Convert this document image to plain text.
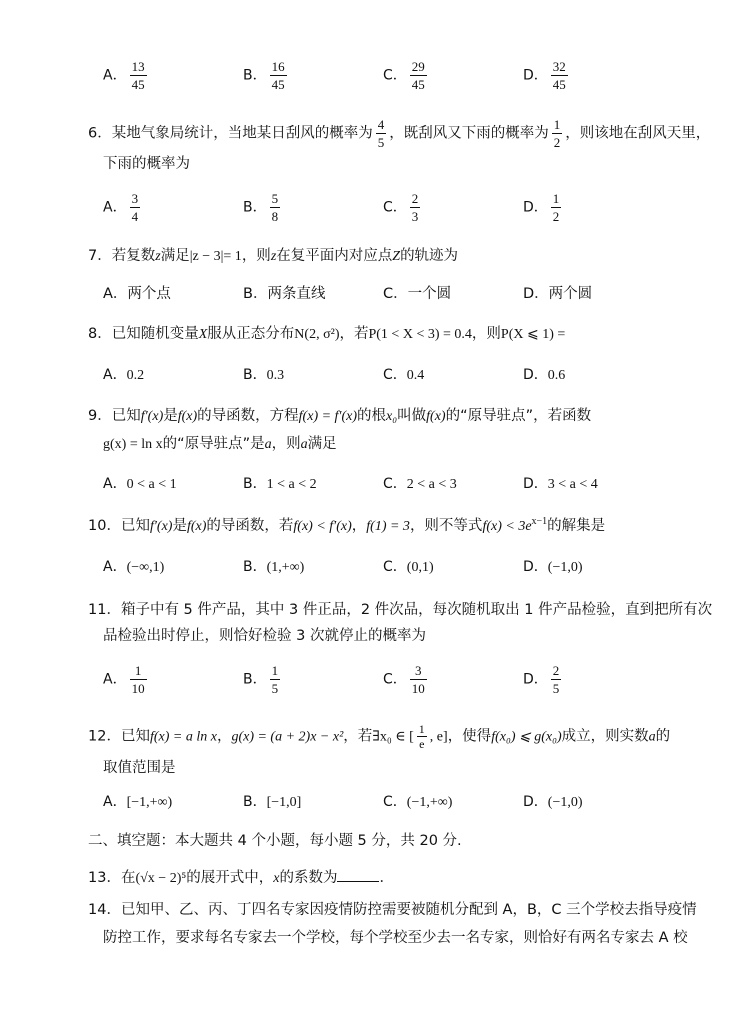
A． $\frac{13}{45}$	B． $\frac{16}{45}$	C． $\frac{29}{45}$	D． $\frac{32}{45}$
6．某地气象局统计，当地某日刮风的概率为 $\frac{4}{5}$ ，既刮风又下雨的概率为 $\frac{1}{2}$ ，则该地在刮风天里，
下雨的概率为
A． $\frac{3}{4}$	B． $\frac{5}{8}$	C． $\frac{2}{3}$	D． $\frac{1}{2}$
7．若复数z满足|z − 3|= 1，则z在复平面内对应点Z的轨迹为
A．两个点	B．两条直线	C．一个圆	D．两个圆
8．已知随机变量X服从正态分布N(2, σ²)，若P(1 < X < 3) = 0.4，则P(X ⩽ 1) =
A．0.2	B．0.3	C．0.4	D．0.6
9．已知f′(x)是f(x)的导函数，方程f(x) = f′(x)的根x₀叫做f(x)的“原导驻点”，若函数
g(x) = ln x的“原导驻点”是a，则a满足
A．0 < a < 1	B．1 < a < 2	C．2 < a < 3	D．3 < a < 4
10．已知f′(x)是f(x)的导函数，若f(x) < f′(x)，f(1) = 3，则不等式$f(x) < 3e^{x-1}$的解集是
A．(−∞,1)	B．(1,+∞)	C．(0,1)	D．(−1,0)
11．箱子中有 5 件产品，其中 3 件正品，2 件次品，每次随机取出 1 件产品检验，直到把所有次
品检验出时停止，则恰好检验 3 次就停止的概率为
A． $\frac{1}{10}$	B． $\frac{1}{5}$	C． $\frac{3}{10}$	D． $\frac{2}{5}$
12．已知f(x) = a ln x，g(x) = (a + 2)x − x²，若∃x₀ ∈ [ $\frac{1}{e}$ , e]，使得f(x₀) ⩽ g(x₀)成立，则实数a的
取值范围是
A．[−1,+∞)	B．[−1,0]	C．(−1,+∞)	D．(−1,0)
二、填空题：本大题共 4 个小题，每小题 5 分，共 20 分.
13．在(√x − 2)⁵的展开式中，x的系数为	．
14．已知甲、乙、丙、丁四名专家因疫情防控需要被随机分配到 A，B，C 三个学校去指导疫情
防控工作，要求每名专家去一个学校，每个学校至少去一名专家，则恰好有两名专家去 A 校
